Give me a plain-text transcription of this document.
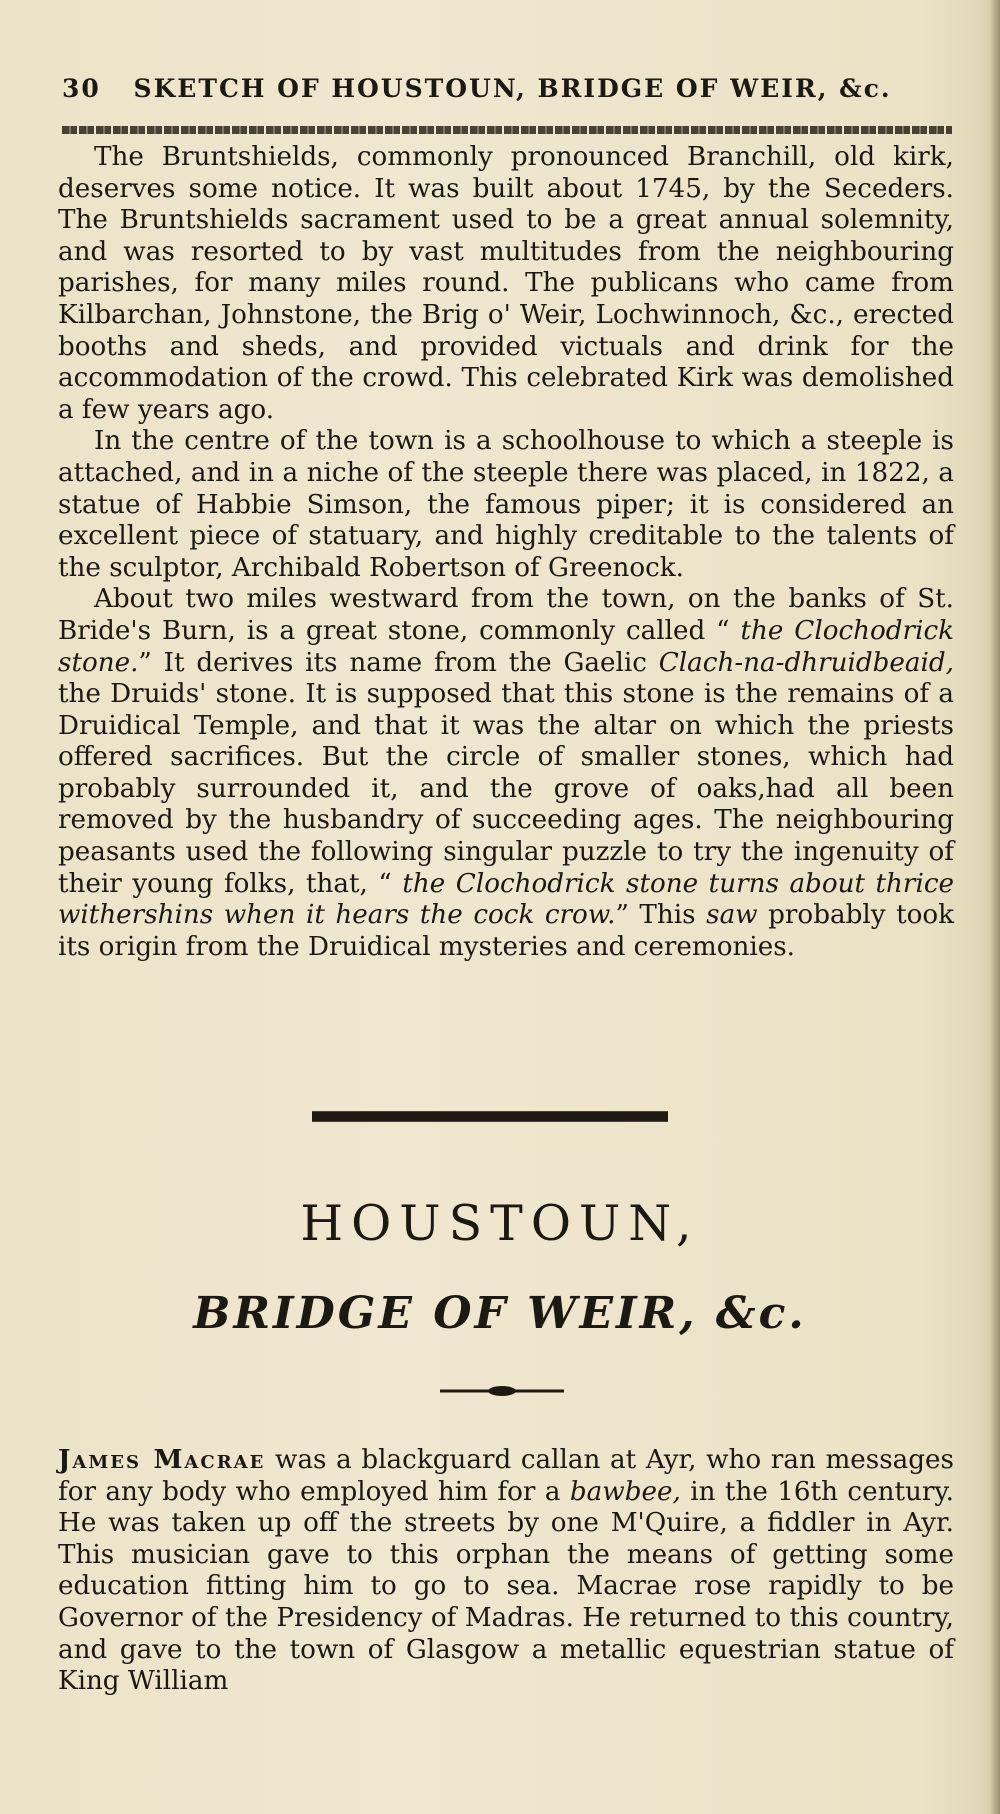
30 SKETCH OF HOUSTOUN, BRIDGE OF WEIR, &c.

The Bruntshields, commonly pronounced Branchill, old kirk, deserves some notice. It was built about 1745, by the Seceders. The Bruntshields sacrament used to be a great annual solemnity, and was resorted to by vast multitudes from the neighbouring parishes, for many miles round. The publicans who came from Kilbarchan, Johnstone, the Brig o' Weir, Lochwinnoch, &c., erected booths and sheds, and provided victuals and drink for the accommodation of the crowd. This celebrated Kirk was demolished a few years ago.

In the centre of the town is a schoolhouse to which a steeple is attached, and in a niche of the steeple there was placed, in 1822, a statue of Habbie Simson, the famous piper; it is considered an excellent piece of statuary, and highly creditable to the talents of the sculptor, Archibald Robertson of Greenock.

About two miles westward from the town, on the banks of St. Bride's Burn, is a great stone, commonly called “ the Clochodrick stone.” It derives its name from the Gaelic Clach-na-dhruidbeaid, the Druids' stone. It is supposed that this stone is the remains of a Druidical Temple, and that it was the altar on which the priests offered sacrifices. But the circle of smaller stones, which had probably surrounded it, and the grove of oaks,had all been removed by the husbandry of succeeding ages. The neighbouring peasants used the following singular puzzle to try the ingenuity of their young folks, that, “ the Clochodrick stone turns about thrice withershins when it hears the cock crow.” This saw probably took its origin from the Druidical mysteries and ceremonies.

HOUSTOUN,
BRIDGE OF WEIR, &c.

James Macrae was a blackguard callan at Ayr, who ran messages for any body who employed him for a bawbee, in the 16th century. He was taken up off the streets by one M'Quire, a fiddler in Ayr. This musician gave to this orphan the means of getting some education fitting him to go to sea. Macrae rose rapidly to be Governor of the Presidency of Madras. He returned to this country, and gave to the town of Glasgow a metallic equestrian statue of King William
